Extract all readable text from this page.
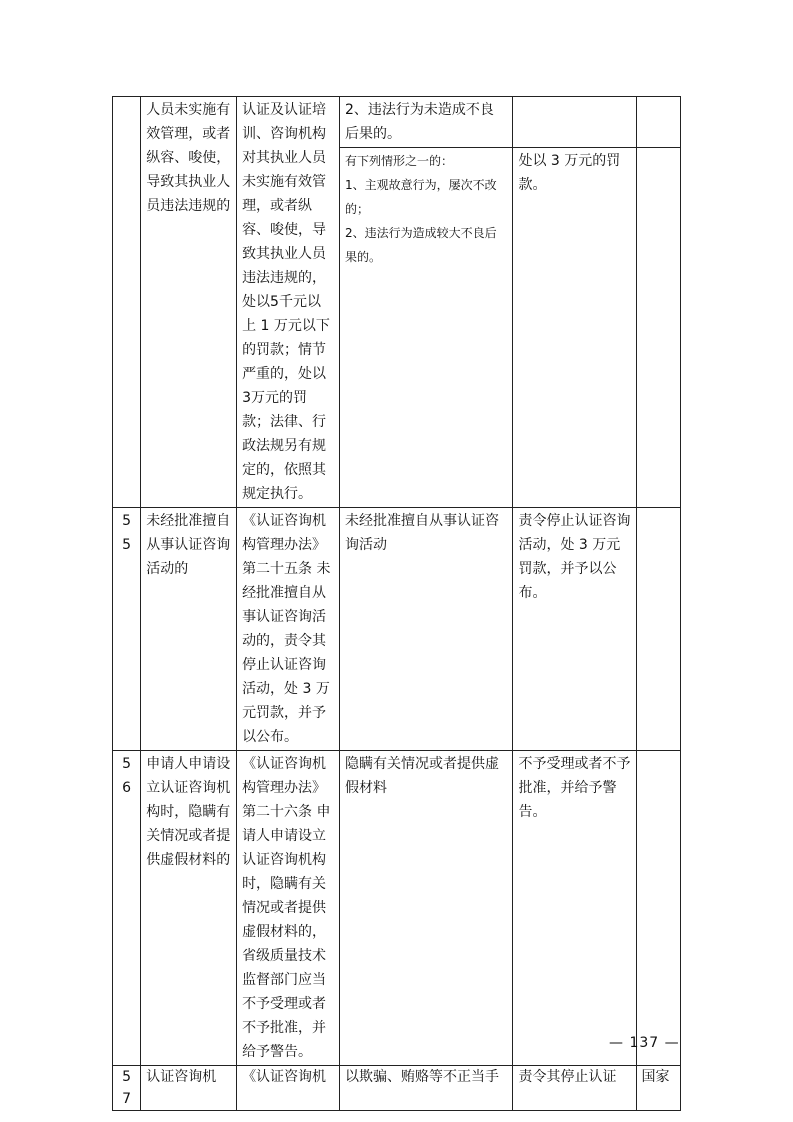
	人员未实施有效管理，或者纵容、唆使，导致其执业人员违法违规的	认证及认证培训、咨询机构对其执业人员未实施有效管理，或者纵容、唆使，导致其执业人员违法违规的，处以5千元以上 1 万元以下的罚款；情节严重的，处以3万元的罚款；法律、行政法规另有规定的，依照其规定执行。	2、违法行为未造成不良后果的。		
			有下列情形之一的：
1、主观故意行为，屡次不改的；
2、违法行为造成较大不良后果的。	处以 3 万元的罚款。	
55	未经批准擅自从事认证咨询活动的	《认证咨询机构管理办法》第二十五条 未经批准擅自从事认证咨询活动的，责令其停止认证咨询活动，处 3 万元罚款，并予以公布。	未经批准擅自从事认证咨询活动	责令停止认证咨询活动，处 3 万元罚款，并予以公布。	
56	申请人申请设立认证咨询机构时，隐瞒有关情况或者提供虚假材料的	《认证咨询机构管理办法》第二十六条 申请人申请设立认证咨询机构时，隐瞒有关情况或者提供虚假材料的，省级质量技术监督部门应当不予受理或者不予批准，并给予警告。	隐瞒有关情况或者提供虚假材料	不予受理或者不予批准，并给予警告。	
57	认证咨询机	《认证咨询机	以欺骗、贿赂等不正当手	责令其停止认证	国家
— 137 —
